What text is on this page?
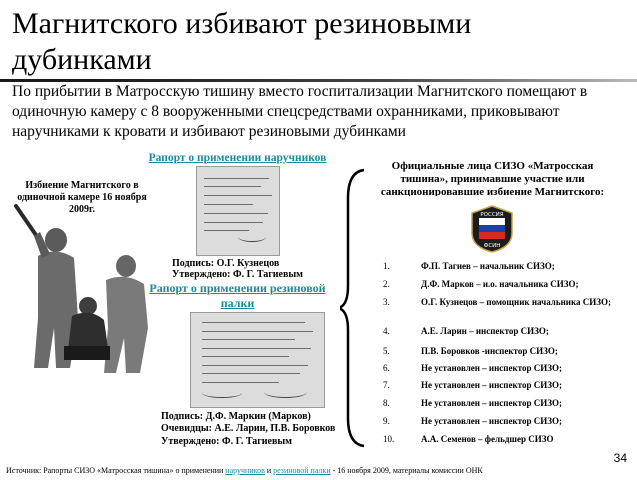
Магнитского избивают резиновыми дубинками
По прибытии в Матросскую тишину вместо госпитализации Магнитского помещают в одиночную камеру с 8 вооруженными спецсредствами охранниками, приковывают наручниками к кровати и избивают резиновыми дубинками
Избиение Магнитского в одиночной камере 16 ноября 2009г.
Рапорт о применении наручников
Подпись: О.Г. Кузнецов
Утверждено: Ф. Г. Тагиевым
Рапорт о применении резиновой палки
Подпись: Д.Ф. Маркин (Марков)
Очевидцы: А.Е. Ларин, П.В. Боровков
Утверждено: Ф. Г. Тагиевым
Официальные лица СИЗО «Матросская тишина», принимавшие участие или санкционировавшие избиение Магнитского:
РОССИЯ
ФСИН
1.	Ф.П. Тагиев – начальник СИЗО;
2.	Д.Ф. Марков – и.о. начальника СИЗО;
3.	О.Г. Кузнецов – помощник начальника СИЗО;
4.	А.Е. Ларин – инспектор СИЗО;
5.	П.В. Боровков -инспектор СИЗО;
6.	Не установлен – инспектор СИЗО;
7.	Не установлен – инспектор СИЗО;
8.	Не установлен – инспектор СИЗО;
9.	Не установлен – инспектор СИЗО;
10.	А.А. Семенов – фельдшер СИЗО
34
Источник: Рапорты СИЗО «Матросская тишина» о применении наручников и резиновой палки - 16 ноября 2009, материалы комиссии ОНК
